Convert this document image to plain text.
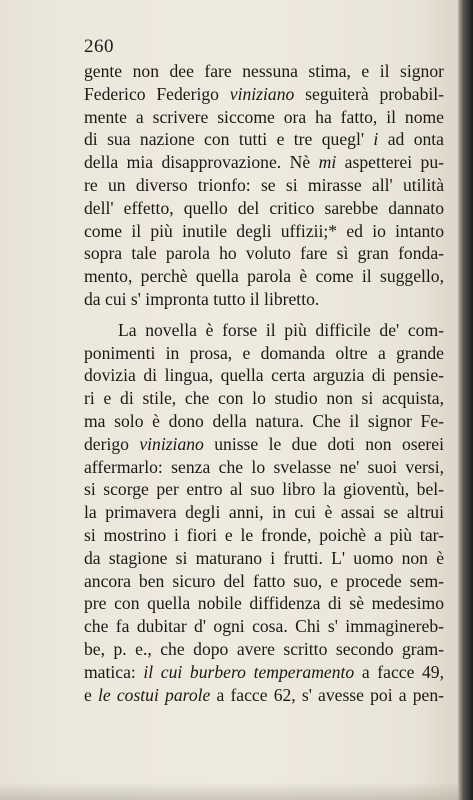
260
gente non dee fare nessuna stima, e il signor
Federico Federigo viniziano seguiterà probabil-
mente a scrivere siccome ora ha fatto, il nome
di sua nazione con tutti e tre quegl' i ad onta
della mia disapprovazione. Nè mi aspetterei pu-
re un diverso trionfo: se si mirasse all' utilità
dell' effetto, quello del critico sarebbe dannato
come il più inutile degli uffizii;* ed io intanto
sopra tale parola ho voluto fare sì gran fonda-
mento, perchè quella parola è come il suggello,
da cui s' impronta tutto il libretto.
La novella è forse il più difficile de' com-
ponimenti in prosa, e domanda oltre a grande
dovizia di lingua, quella certa arguzia di pensie-
ri e di stile, che con lo studio non si acquista,
ma solo è dono della natura. Che il signor Fe-
derigo viniziano unisse le due doti non oserei
affermarlo: senza che lo svelasse ne' suoi versi,
si scorge per entro al suo libro la gioventù, bel-
la primavera degli anni, in cui è assai se altrui
si mostrino i fiori e le fronde, poichè a più tar-
da stagione si maturano i frutti. L' uomo non è
ancora ben sicuro del fatto suo, e procede sem-
pre con quella nobile diffidenza di sè medesimo
che fa dubitar d' ogni cosa. Chi s' immaginereb-
be, p. e., che dopo avere scritto secondo gram-
matica: il cui burbero temperamento a facce 49,
e le costui parole a facce 62, s' avesse poi a pen-
